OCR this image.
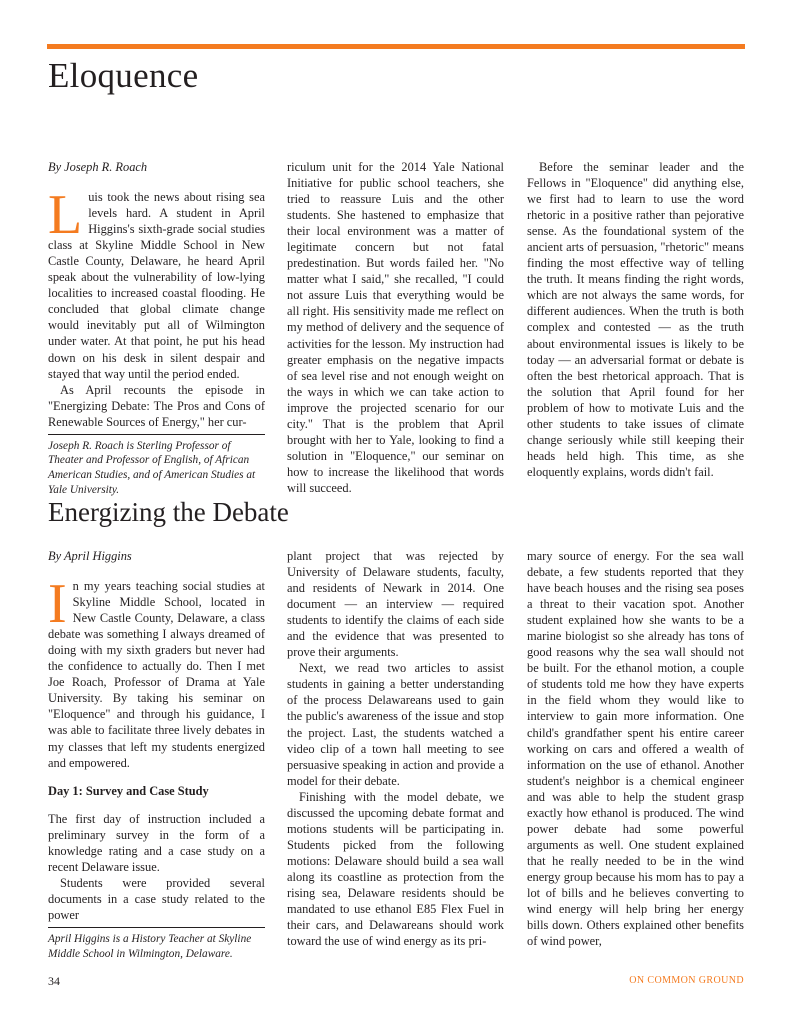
Eloquence

By Joseph R. Roach

Luis took the news about rising sea levels hard. A student in April Higgins's sixth-grade social studies class at Skyline Middle School in New Castle County, Delaware, he heard April speak about the vulnerability of low-lying localities to increased coastal flooding. He concluded that global climate change would inevitably put all of Wilmington under water. At that point, he put his head down on his desk in silent despair and stayed that way until the period ended.

As April recounts the episode in "Energizing Debate: The Pros and Cons of Renewable Sources of Energy," her cur-

Joseph R. Roach is Sterling Professor of Theater and Professor of English, of African American Studies, and of American Studies at Yale University.

riculum unit for the 2014 Yale National Initiative for public school teachers, she tried to reassure Luis and the other students. She hastened to emphasize that their local environment was a matter of legitimate concern but not fatal predestination. But words failed her. "No matter what I said," she recalled, "I could not assure Luis that everything would be all right. His sensitivity made me reflect on my method of delivery and the sequence of activities for the lesson. My instruction had greater emphasis on the negative impacts of sea level rise and not enough weight on the ways in which we can take action to improve the projected scenario for our city." That is the problem that April brought with her to Yale, looking to find a solution in "Eloquence," our seminar on how to increase the likelihood that words will succeed.

Before the seminar leader and the Fellows in "Eloquence" did anything else, we first had to learn to use the word rhetoric in a positive rather than pejorative sense. As the foundational system of the ancient arts of persuasion, "rhetoric" means finding the most effective way of telling the truth. It means finding the right words, which are not always the same words, for different audiences. When the truth is both complex and contested — as the truth about environmental issues is likely to be today — an adversarial format or debate is often the best rhetorical approach. That is the solution that April found for her problem of how to motivate Luis and the other students to take issues of climate change seriously while still keeping their heads held high. This time, as she eloquently explains, words didn't fail.

Energizing the Debate

By April Higgins

In my years teaching social studies at Skyline Middle School, located in New Castle County, Delaware, a class debate was something I always dreamed of doing with my sixth graders but never had the confidence to actually do. Then I met Joe Roach, Professor of Drama at Yale University. By taking his seminar on "Eloquence" and through his guidance, I was able to facilitate three lively debates in my classes that left my students energized and empowered.

Day 1: Survey and Case Study

The first day of instruction included a preliminary survey in the form of a knowledge rating and a case study on a recent Delaware issue.

Students were provided several documents in a case study related to the power

April Higgins is a History Teacher at Skyline Middle School in Wilmington, Delaware.

plant project that was rejected by University of Delaware students, faculty, and residents of Newark in 2014. One document — an interview — required students to identify the claims of each side and the evidence that was presented to prove their arguments.

Next, we read two articles to assist students in gaining a better understanding of the process Delawareans used to gain the public's awareness of the issue and stop the project. Last, the students watched a video clip of a town hall meeting to see persuasive speaking in action and provide a model for their debate.

Finishing with the model debate, we discussed the upcoming debate format and motions students will be participating in. Students picked from the following motions: Delaware should build a sea wall along its coastline as protection from the rising sea, Delaware residents should be mandated to use ethanol E85 Flex Fuel in their cars, and Delawareans should work toward the use of wind energy as its pri-

mary source of energy. For the sea wall debate, a few students reported that they have beach houses and the rising sea poses a threat to their vacation spot. Another student explained how she wants to be a marine biologist so she already has tons of good reasons why the sea wall should not be built. For the ethanol motion, a couple of students told me how they have experts in the field whom they would like to interview to gain more information. One child's grandfather spent his entire career working on cars and offered a wealth of information on the use of ethanol. Another student's neighbor is a chemical engineer and was able to help the student grasp exactly how ethanol is produced. The wind power debate had some powerful arguments as well. One student explained that he really needed to be in the wind energy group because his mom has to pay a lot of bills and he believes converting to wind energy will help bring her energy bills down. Others explained other benefits of wind power,

34	ON COMMON GROUND
